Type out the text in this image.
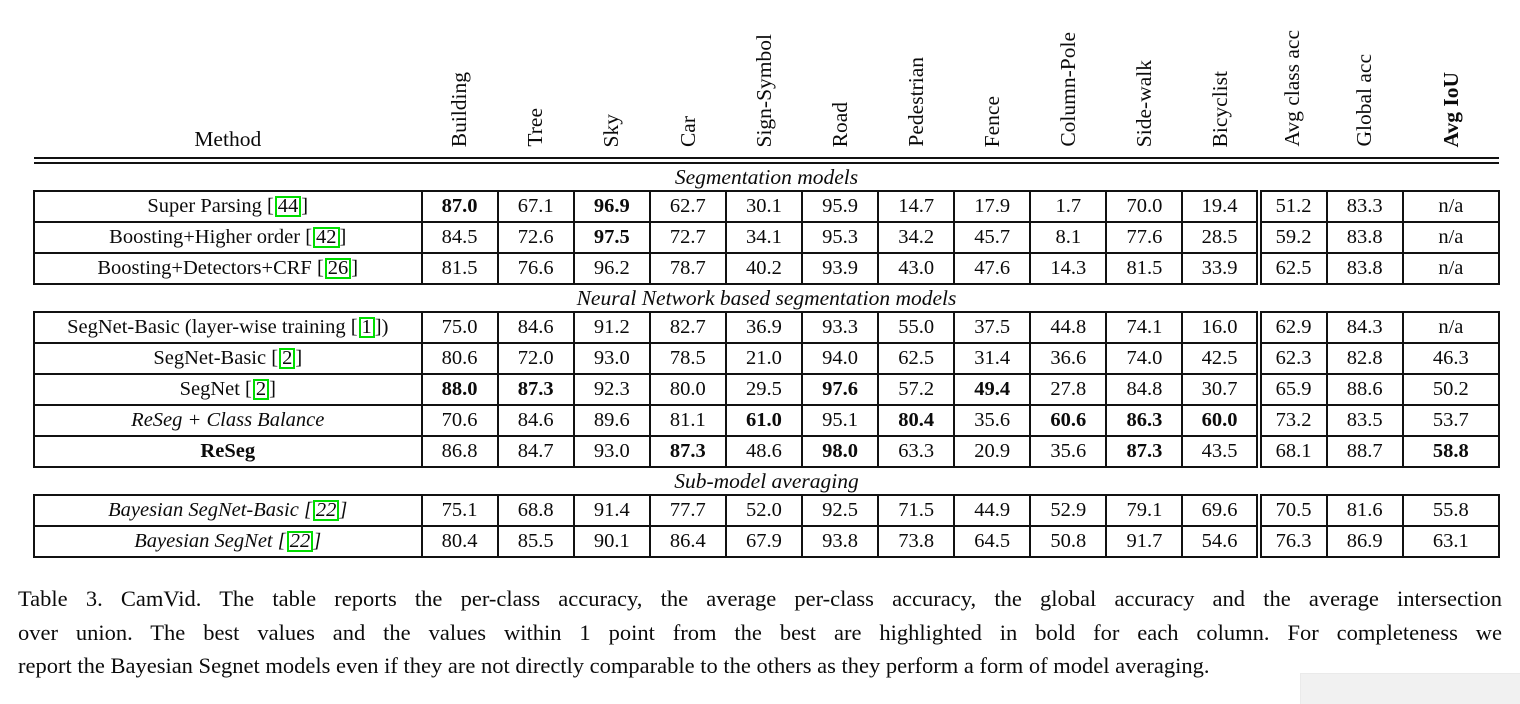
Method	Building	Tree	Sky	Car	Sign-Symbol	Road	Pedestrian	Fence	Column-Pole	Side-walk	Bicyclist	Avg class acc	Global acc	Avg IoU

Segmentation models														
Super Parsing [ 44 ]	87.0	67.1	96.9	62.7	30.1	95.9	14.7	17.9	1.7	70.0	19.4	51.2	83.3	n/a
Boosting+Higher order [ 42 ]	84.5	72.6	97.5	72.7	34.1	95.3	34.2	45.7	8.1	77.6	28.5	59.2	83.8	n/a
Boosting+Detectors+CRF [ 26 ]	81.5	76.6	96.2	78.7	40.2	93.9	43.0	47.6	14.3	81.5	33.9	62.5	83.8	n/a
Neural Network based segmentation models														
SegNet-Basic (layer-wise training [ 1 ])	75.0	84.6	91.2	82.7	36.9	93.3	55.0	37.5	44.8	74.1	16.0	62.9	84.3	n/a
SegNet-Basic [ 2 ]	80.6	72.0	93.0	78.5	21.0	94.0	62.5	31.4	36.6	74.0	42.5	62.3	82.8	46.3
SegNet [ 2 ]	88.0	87.3	92.3	80.0	29.5	97.6	57.2	49.4	27.8	84.8	30.7	65.9	88.6	50.2
ReSeg + Class Balance	70.6	84.6	89.6	81.1	61.0	95.1	80.4	35.6	60.6	86.3	60.0	73.2	83.5	53.7
ReSeg	86.8	84.7	93.0	87.3	48.6	98.0	63.3	20.9	35.6	87.3	43.5	68.1	88.7	58.8
Sub-model averaging														
Bayesian SegNet-Basic [ 22 ]	75.1	68.8	91.4	77.7	52.0	92.5	71.5	44.9	52.9	79.1	69.6	70.5	81.6	55.8
Bayesian SegNet [ 22 ]	80.4	85.5	90.1	86.4	67.9	93.8	73.8	64.5	50.8	91.7	54.6	76.3	86.9	63.1
Table 3. CamVid. The table reports the per-class accuracy, the average per-class accuracy, the global accuracy and the average intersection
over union. The best values and the values within 1 point from the best are highlighted in bold for each column. For completeness we
report the Bayesian Segnet models even if they are not directly comparable to the others as they perform a form of model averaging.
